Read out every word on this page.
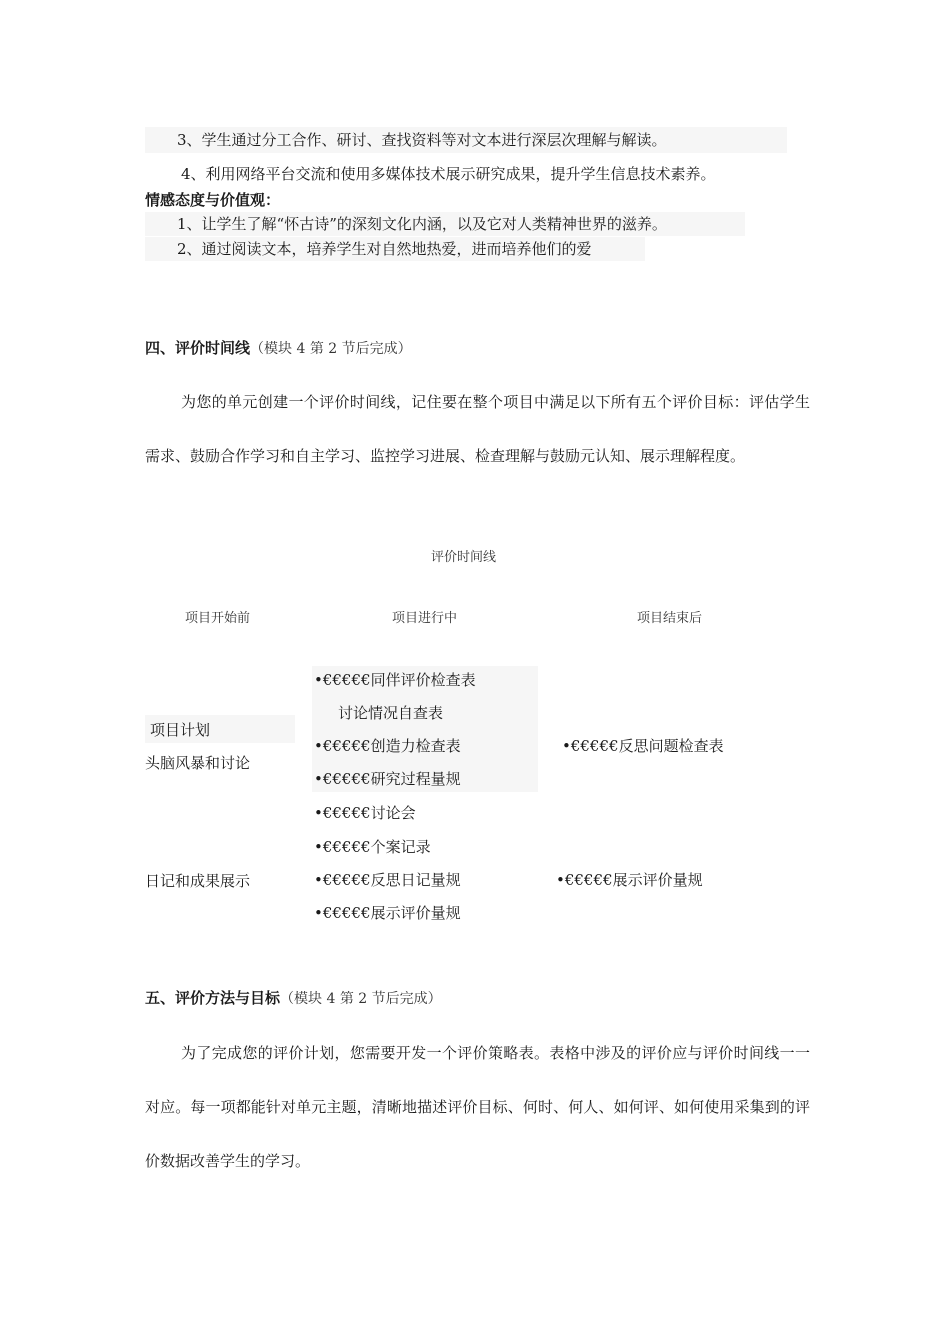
3、学生通过分工合作、研讨、查找资料等对文本进行深层次理解与解读。
4、利用网络平台交流和使用多媒体技术展示研究成果，提升学生信息技术素养。
情感态度与价值观：
1、让学生了解“怀古诗”的深刻文化内涵，以及它对人类精神世界的滋养。
2、通过阅读文本，培养学生对自然地热爱，进而培养他们的爱
四、评价时间线（模块 4 第 2 节后完成）
为您的单元创建一个评价时间线，记住要在整个项目中满足以下所有五个评价目标：评估学生需求、鼓励合作学习和自主学习、监控学习进展、检查理解与鼓励元认知、展示理解程度。
评价时间线
项目开始前	项目进行中	项目结束后
项目计划
头脑风暴和讨论
日记和成果展示
•€€€€€同伴评价检查表
讨论情况自查表
•€€€€€创造力检查表
•€€€€€研究过程量规
•€€€€€讨论会
•€€€€€个案记录
•€€€€€反思日记量规
•€€€€€展示评价量规
•€€€€€反思问题检查表
•€€€€€展示评价量规
五、评价方法与目标（模块 4 第 2 节后完成）
为了完成您的评价计划，您需要开发一个评价策略表。表格中涉及的评价应与评价时间线一一对应。每一项都能针对单元主题，清晰地描述评价目标、何时、何人、如何评、如何使用采集到的评价数据改善学生的学习。
